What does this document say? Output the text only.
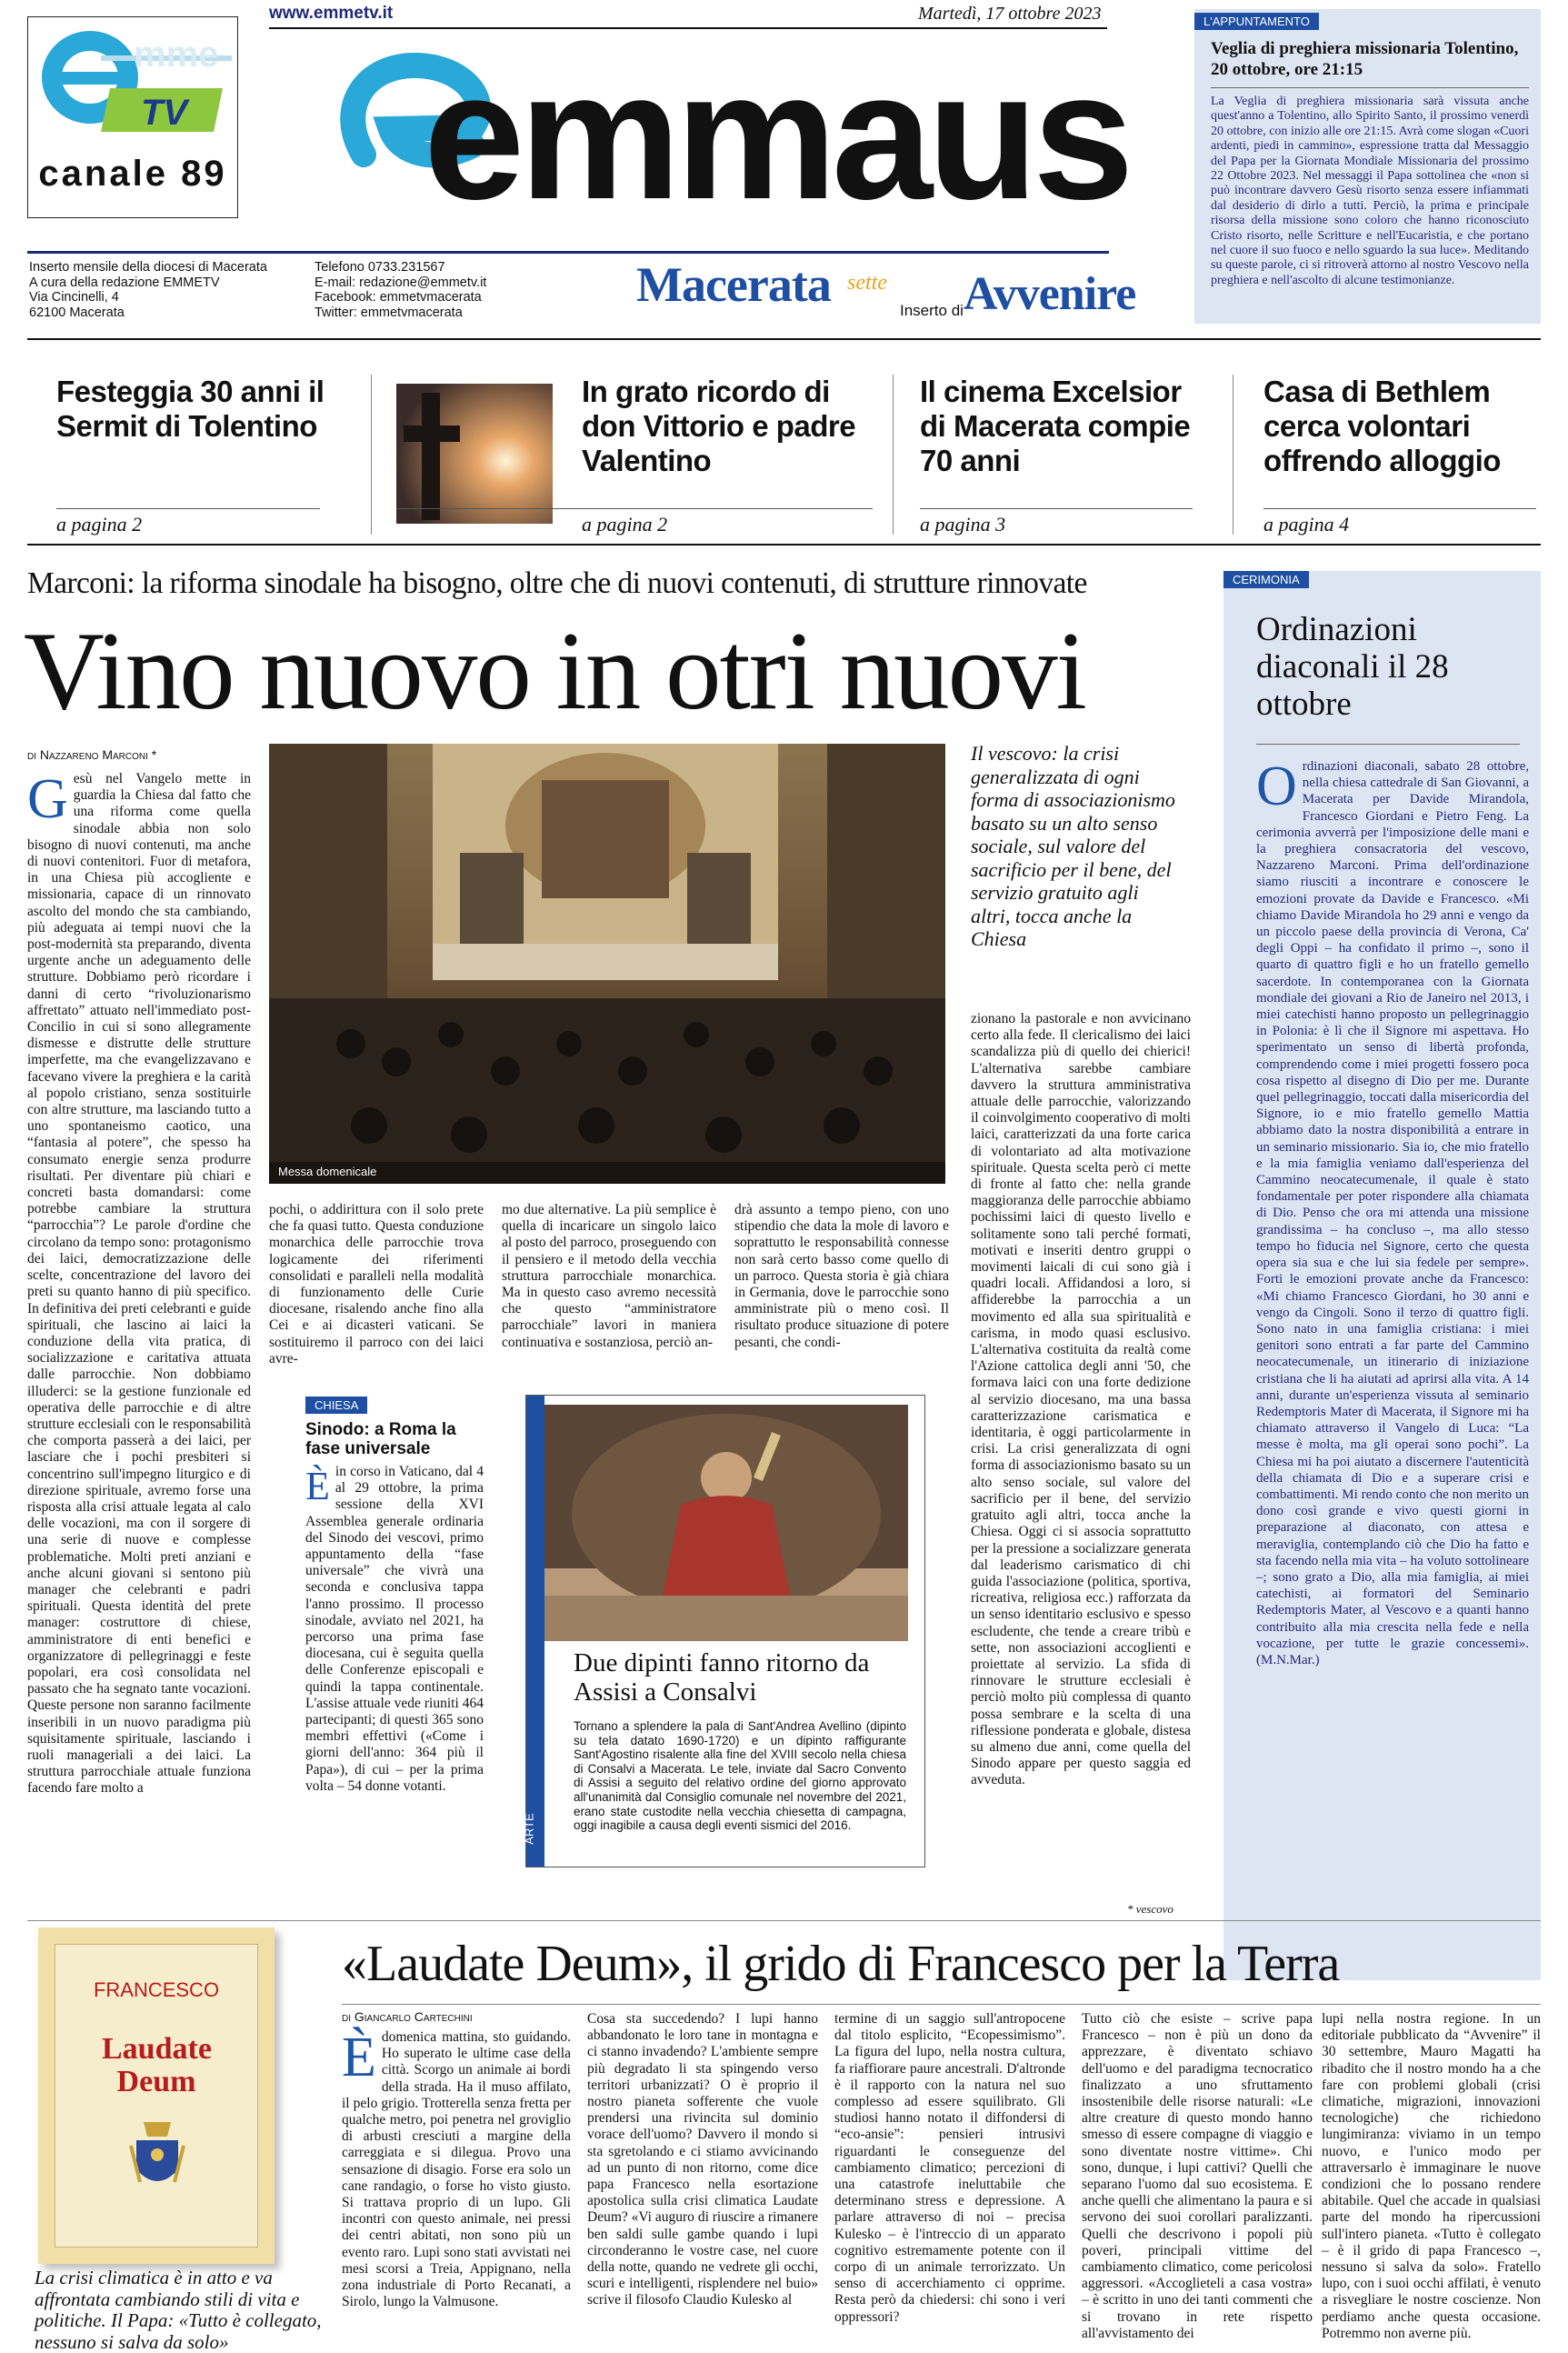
mme
TV
canale 89
www.emmetv.it	Martedì, 17 ottobre 2023
emmaus
Inserto mensile della diocesi di Macerata
A cura della redazione EMMETV
Via Cincinelli, 4
62100 Macerata
Telefono 0733.231567
E-mail: redazione@emmetv.it
Facebook: emmetvmacerata
Twitter: emmetvmacerata
Macerata sette
Inserto di Avvenire
L'APPUNTAMENTO
Veglia di preghiera missionaria Tolentino, 20 ottobre, ore 21:15
La Veglia di preghiera missionaria sarà vissuta anche quest'anno a Tolentino, allo Spirito Santo, il prossimo venerdì 20 ottobre, con inizio alle ore 21:15. Avrà come slogan «Cuori ardenti, piedi in cammino», espressione tratta dal Messaggio del Papa per la Giornata Mondiale Missionaria del prossimo 22 Ottobre 2023. Nel messaggi il Papa sottolinea che «non si può incontrare davvero Gesù risorto senza essere infiammati dal desiderio di dirlo a tutti. Perciò, la prima e principale risorsa della missione sono coloro che hanno riconosciuto Cristo risorto, nelle Scritture e nell'Eucaristia, e che portano nel cuore il suo fuoco e nello sguardo la sua luce». Meditando su queste parole, ci si ritroverà attorno al nostro Vescovo nella preghiera e nell'ascolto di alcune testimonianze.
Festeggia 30 anni il Sermit di Tolentino
a pagina 2
In grato ricordo di don Vittorio e padre Valentino
a pagina 2
Il cinema Excelsior di Macerata compie 70 anni
a pagina 3
Casa di Bethlem cerca volontari offrendo alloggio
a pagina 4
Marconi: la riforma sinodale ha bisogno, oltre che di nuovi contenuti, di strutture rinnovate
Vino nuovo in otri nuovi
di Nazzareno Marconi *
Gesù nel Vangelo mette in guardia la Chiesa dal fatto che una riforma come quella sinodale abbia non solo bisogno di nuovi contenuti, ma anche di nuovi contenitori. Fuor di metafora, in una Chiesa più accogliente e missionaria, capace di un rinnovato ascolto del mondo che sta cambiando, più adeguata ai tempi nuovi che la post-modernità sta preparando, diventa urgente anche un adeguamento delle strutture. Dobbiamo però ricordare i danni di certo “rivoluzionarismo affrettato” attuato nell'immediato post-Concilio in cui si sono allegramente dismesse e distrutte delle strutture imperfette, ma che evangelizzavano e facevano vivere la preghiera e la carità al popolo cristiano, senza sostituirle con altre strutture, ma lasciando tutto a uno spontaneismo caotico, una “fantasia al potere”, che spesso ha consumato energie senza produrre risultati. Per diventare più chiari e concreti basta domandarsi: come potrebbe cambiare la struttura “parrocchia”? Le parole d'ordine che circolano da tempo sono: protagonismo dei laici, democratizzazione delle scelte, concentrazione del lavoro dei preti su quanto hanno di più specifico. In definitiva dei preti celebranti e guide spirituali, che lascino ai laici la conduzione della vita pratica, di socializzazione e caritativa attuata dalle parrocchie. Non dobbiamo illuderci: se la gestione funzionale ed operativa delle parrocchie e di altre strutture ecclesiali con le responsabilità che comporta passerà a dei laici, per lasciare che i pochi presbiteri si concentrino sull'impegno liturgico e di direzione spirituale, avremo forse una risposta alla crisi attuale legata al calo delle vocazioni, ma con il sorgere di una serie di nuove e complesse problematiche. Molti preti anziani e anche alcuni giovani si sentono più manager che celebranti e padri spirituali. Questa identità del prete manager: costruttore di chiese, amministratore di enti benefici e organizzatore di pellegrinaggi e feste popolari, era così consolidata nel passato che ha segnato tante vocazioni. Queste persone non saranno facilmente inseribili in un nuovo paradigma più squisitamente spirituale, lasciando i ruoli manageriali a dei laici. La struttura parrocchiale attuale funziona facendo fare molto a
Messa domenicale
Il vescovo: la crisi generalizzata di ogni forma di associazionismo basato su un alto senso sociale, sul valore del sacrificio per il bene, del servizio gratuito agli altri, tocca anche la Chiesa
pochi, o addirittura con il solo prete che fa quasi tutto. Questa conduzione monarchica delle parrocchie trova logicamente dei riferimenti consolidati e paralleli nella modalità di funzionamento delle Curie diocesane, risalendo anche fino alla Cei e ai dicasteri vaticani. Se sostituiremo il parroco con dei laici avre-
mo due alternative. La più semplice è quella di incaricare un singolo laico al posto del parroco, proseguendo con il pensiero e il metodo della vecchia struttura parrocchiale monarchica. Ma in questo caso avremo necessità che questo “amministratore parrocchiale” lavori in maniera continuativa e sostanziosa, perciò an-
drà assunto a tempo pieno, con uno stipendio che data la mole di lavoro e soprattutto le responsabilità connesse non sarà certo basso come quello di un parroco. Questa storia è già chiara in Germania, dove le parrocchie sono amministrate più o meno così. Il risultato produce situazione di potere pesanti, che condi-
zionano la pastorale e non avvicinano certo alla fede. Il clericalismo dei laici scandalizza più di quello dei chierici! L'alternativa sarebbe cambiare davvero la struttura amministrativa attuale delle parrocchie, valorizzando il coinvolgimento cooperativo di molti laici, caratterizzati da una forte carica di volontariato ad alta motivazione spirituale. Questa scelta però ci mette di fronte al fatto che: nella grande maggioranza delle parrocchie abbiamo pochissimi laici di questo livello e solitamente sono tali perché formati, motivati e inseriti dentro gruppi o movimenti laicali di cui sono già i quadri locali. Affidandosi a loro, si affiderebbe la parrocchia a un movimento ed alla sua spiritualità e carisma, in modo quasi esclusivo. L'alternativa costituita da realtà come l'Azione cattolica degli anni '50, che formava laici con una forte dedizione al servizio diocesano, ma una bassa caratterizzazione carismatica e identitaria, è oggi particolarmente in crisi. La crisi generalizzata di ogni forma di associazionismo basato su un alto senso sociale, sul valore del sacrificio per il bene, del servizio gratuito agli altri, tocca anche la Chiesa. Oggi ci si associa soprattutto per la pressione a socializzare generata dal leaderismo carismatico di chi guida l'associazione (politica, sportiva, ricreativa, religiosa ecc.) rafforzata da un senso identitario esclusivo e spesso escludente, che tende a creare tribù e sette, non associazioni accoglienti e proiettate al servizio. La sfida di rinnovare le strutture ecclesiali è perciò molto più complessa di quanto possa sembrare e la scelta di una riflessione ponderata e globale, distesa su almeno due anni, come quella del Sinodo appare per questo saggia ed avveduta.
* vescovo
CHIESA
Sinodo: a Roma la fase universale
È in corso in Vaticano, dal 4 al 29 ottobre, la prima sessione della XVI Assemblea generale ordinaria del Sinodo dei vescovi, primo appuntamento della “fase universale” che vivrà una seconda e conclusiva tappa l'anno prossimo. Il processo sinodale, avviato nel 2021, ha percorso una prima fase diocesana, cui è seguita quella delle Conferenze episcopali e quindi la tappa continentale. L'assise attuale vede riuniti 464 partecipanti; di questi 365 sono membri effettivi («Come i giorni dell'anno: 364 più il Papa»), di cui – per la prima volta – 54 donne votanti.
ARTE
Due dipinti fanno ritorno da Assisi a Consalvi
Tornano a splendere la pala di Sant'Andrea Avellino (dipinto su tela datato 1690-1720) e un dipinto raffigurante Sant'Agostino risalente alla fine del XVIII secolo nella chiesa di Consalvi a Macerata. Le tele, inviate dal Sacro Convento di Assisi a seguito del relativo ordine del giorno approvato all'unanimità dal Consiglio comunale nel novembre del 2021, erano state custodite nella vecchia chiesetta di campagna, oggi inagibile a causa degli eventi sismici del 2016.
CERIMONIA
Ordinazioni diaconali il 28 ottobre
Ordinazioni diaconali, sabato 28 ottobre, nella chiesa cattedrale di San Giovanni, a Macerata per Davide Mirandola, Francesco Giordani e Pietro Feng. La cerimonia avverrà per l'imposizione delle mani e la preghiera consacratoria del vescovo, Nazzareno Marconi. Prima dell'ordinazione siamo riusciti a incontrare e conoscere le emozioni provate da Davide e Francesco. «Mi chiamo Davide Mirandola ho 29 anni e vengo da un piccolo paese della provincia di Verona, Ca' degli Oppi – ha confidato il primo –, sono il quarto di quattro figli e ho un fratello gemello sacerdote. In contemporanea con la Giornata mondiale dei giovani a Rio de Janeiro nel 2013, i miei catechisti hanno proposto un pellegrinaggio in Polonia: è lì che il Signore mi aspettava. Ho sperimentato un senso di libertà profonda, comprendendo come i miei progetti fossero poca cosa rispetto al disegno di Dio per me. Durante quel pellegrinaggio, toccati dalla misericordia del Signore, io e mio fratello gemello Mattia abbiamo dato la nostra disponibilità a entrare in un seminario missionario. Sia io, che mio fratello e la mia famiglia veniamo dall'esperienza del Cammino neocatecumenale, il quale è stato fondamentale per poter rispondere alla chiamata di Dio. Penso che ora mi attenda una missione grandissima – ha concluso –, ma allo stesso tempo ho fiducia nel Signore, certo che questa opera sia sua e che lui sia fedele per sempre». Forti le emozioni provate anche da Francesco: «Mi chiamo Francesco Giordani, ho 30 anni e vengo da Cingoli. Sono il terzo di quattro figli. Sono nato in una famiglia cristiana: i miei genitori sono entrati a far parte del Cammino neocatecumenale, un itinerario di iniziazione cristiana che li ha aiutati ad aprirsi alla vita. A 14 anni, durante un'esperienza vissuta al seminario Redemptoris Mater di Macerata, il Signore mi ha chiamato attraverso il Vangelo di Luca: “La messe è molta, ma gli operai sono pochi”. La Chiesa mi ha poi aiutato a discernere l'autenticità della chiamata di Dio e a superare crisi e combattimenti. Mi rendo conto che non merito un dono così grande e vivo questi giorni in preparazione al diaconato, con attesa e meraviglia, contemplando ciò che Dio ha fatto e sta facendo nella mia vita – ha voluto sottolineare –; sono grato a Dio, alla mia famiglia, ai miei catechisti, ai formatori del Seminario Redemptoris Mater, al Vescovo e a quanti hanno contribuito alla mia crescita nella fede e nella vocazione, per tutte le grazie concessemi». (M.N.Mar.)
FRANCESCO
Laudate Deum
La crisi climatica è in atto e va affrontata cambiando stili di vita e politiche. Il Papa: «Tutto è collegato, nessuno si salva da solo»
«Laudate Deum», il grido di Francesco per la Terra
di Giancarlo Cartechini
È domenica mattina, sto guidando. Ho superato le ultime case della città. Scorgo un animale ai bordi della strada. Ha il muso affilato, il pelo grigio. Trotterella senza fretta per qualche metro, poi penetra nel groviglio di arbusti cresciuti a margine della carreggiata e si dilegua. Provo una sensazione di disagio. Forse era solo un cane randagio, o forse ho visto giusto. Si trattava proprio di un lupo. Gli incontri con questo animale, nei pressi dei centri abitati, non sono più un evento raro. Lupi sono stati avvistati nei mesi scorsi a Treia, Appignano, nella zona industriale di Porto Recanati, a Sirolo, lungo la Valmusone.
Cosa sta succedendo? I lupi hanno abbandonato le loro tane in montagna e ci stanno invadendo? L'ambiente sempre più degradato li sta spingendo verso territori urbanizzati? O è proprio il nostro pianeta sofferente che vuole prendersi una rivincita sul dominio vorace dell'uomo? Davvero il mondo si sta sgretolando e ci stiamo avvicinando ad un punto di non ritorno, come dice papa Francesco nella esortazione apostolica sulla crisi climatica Laudate Deum? «Vi auguro di riuscire a rimanere ben saldi sulle gambe quando i lupi circonderanno le vostre case, nel cuore della notte, quando ne vedrete gli occhi, scuri e intelligenti, risplendere nel buio» scrive il filosofo Claudio Kulesko al
termine di un saggio sull'antropocene dal titolo esplicito, “Ecopessimismo”. La figura del lupo, nella nostra cultura, fa riaffiorare paure ancestrali. D'altronde è il rapporto con la natura nel suo complesso ad essere squilibrato. Gli studiosi hanno notato il diffondersi di “eco-ansie”: pensieri intrusivi riguardanti le conseguenze del cambiamento climatico; percezioni di una catastrofe ineluttabile che determinano stress e depressione. A parlare attraverso di noi – precisa Kulesko – è l'intreccio di un apparato cognitivo estremamente potente con il corpo di un animale terrorizzato. Un senso di accerchiamento ci opprime. Resta però da chiedersi: chi sono i veri oppressori?
Tutto ciò che esiste – scrive papa Francesco – non è più un dono da apprezzare, è diventato schiavo dell'uomo e del paradigma tecnocratico finalizzato a uno sfruttamento insostenibile delle risorse naturali: «Le altre creature di questo mondo hanno smesso di essere compagne di viaggio e sono diventate nostre vittime». Chi sono, dunque, i lupi cattivi? Quelli che separano l'uomo dal suo ecosistema. E anche quelli che alimentano la paura e si servono dei suoi corollari paralizzanti. Quelli che descrivono i popoli più poveri, principali vittime del cambiamento climatico, come pericolosi aggressori. «Accoglieteli a casa vostra» – è scritto in uno dei tanti commenti che si trovano in rete rispetto all'avvistamento dei
lupi nella nostra regione. In un editoriale pubblicato da “Avvenire” il 30 settembre, Mauro Magatti ha ribadito che il nostro mondo ha a che fare con problemi globali (crisi climatiche, migrazioni, innovazioni tecnologiche) che richiedono lungimiranza: viviamo in un tempo nuovo, e l'unico modo per attraversarlo è immaginare le nuove condizioni che lo possano rendere abitabile. Quel che accade in qualsiasi parte del mondo ha ripercussioni sull'intero pianeta. «Tutto è collegato – è il grido di papa Francesco –, nessuno si salva da solo». Fratello lupo, con i suoi occhi affilati, è venuto a risvegliare le nostre coscienze. Non perdiamo anche questa occasione. Potremmo non averne più.
